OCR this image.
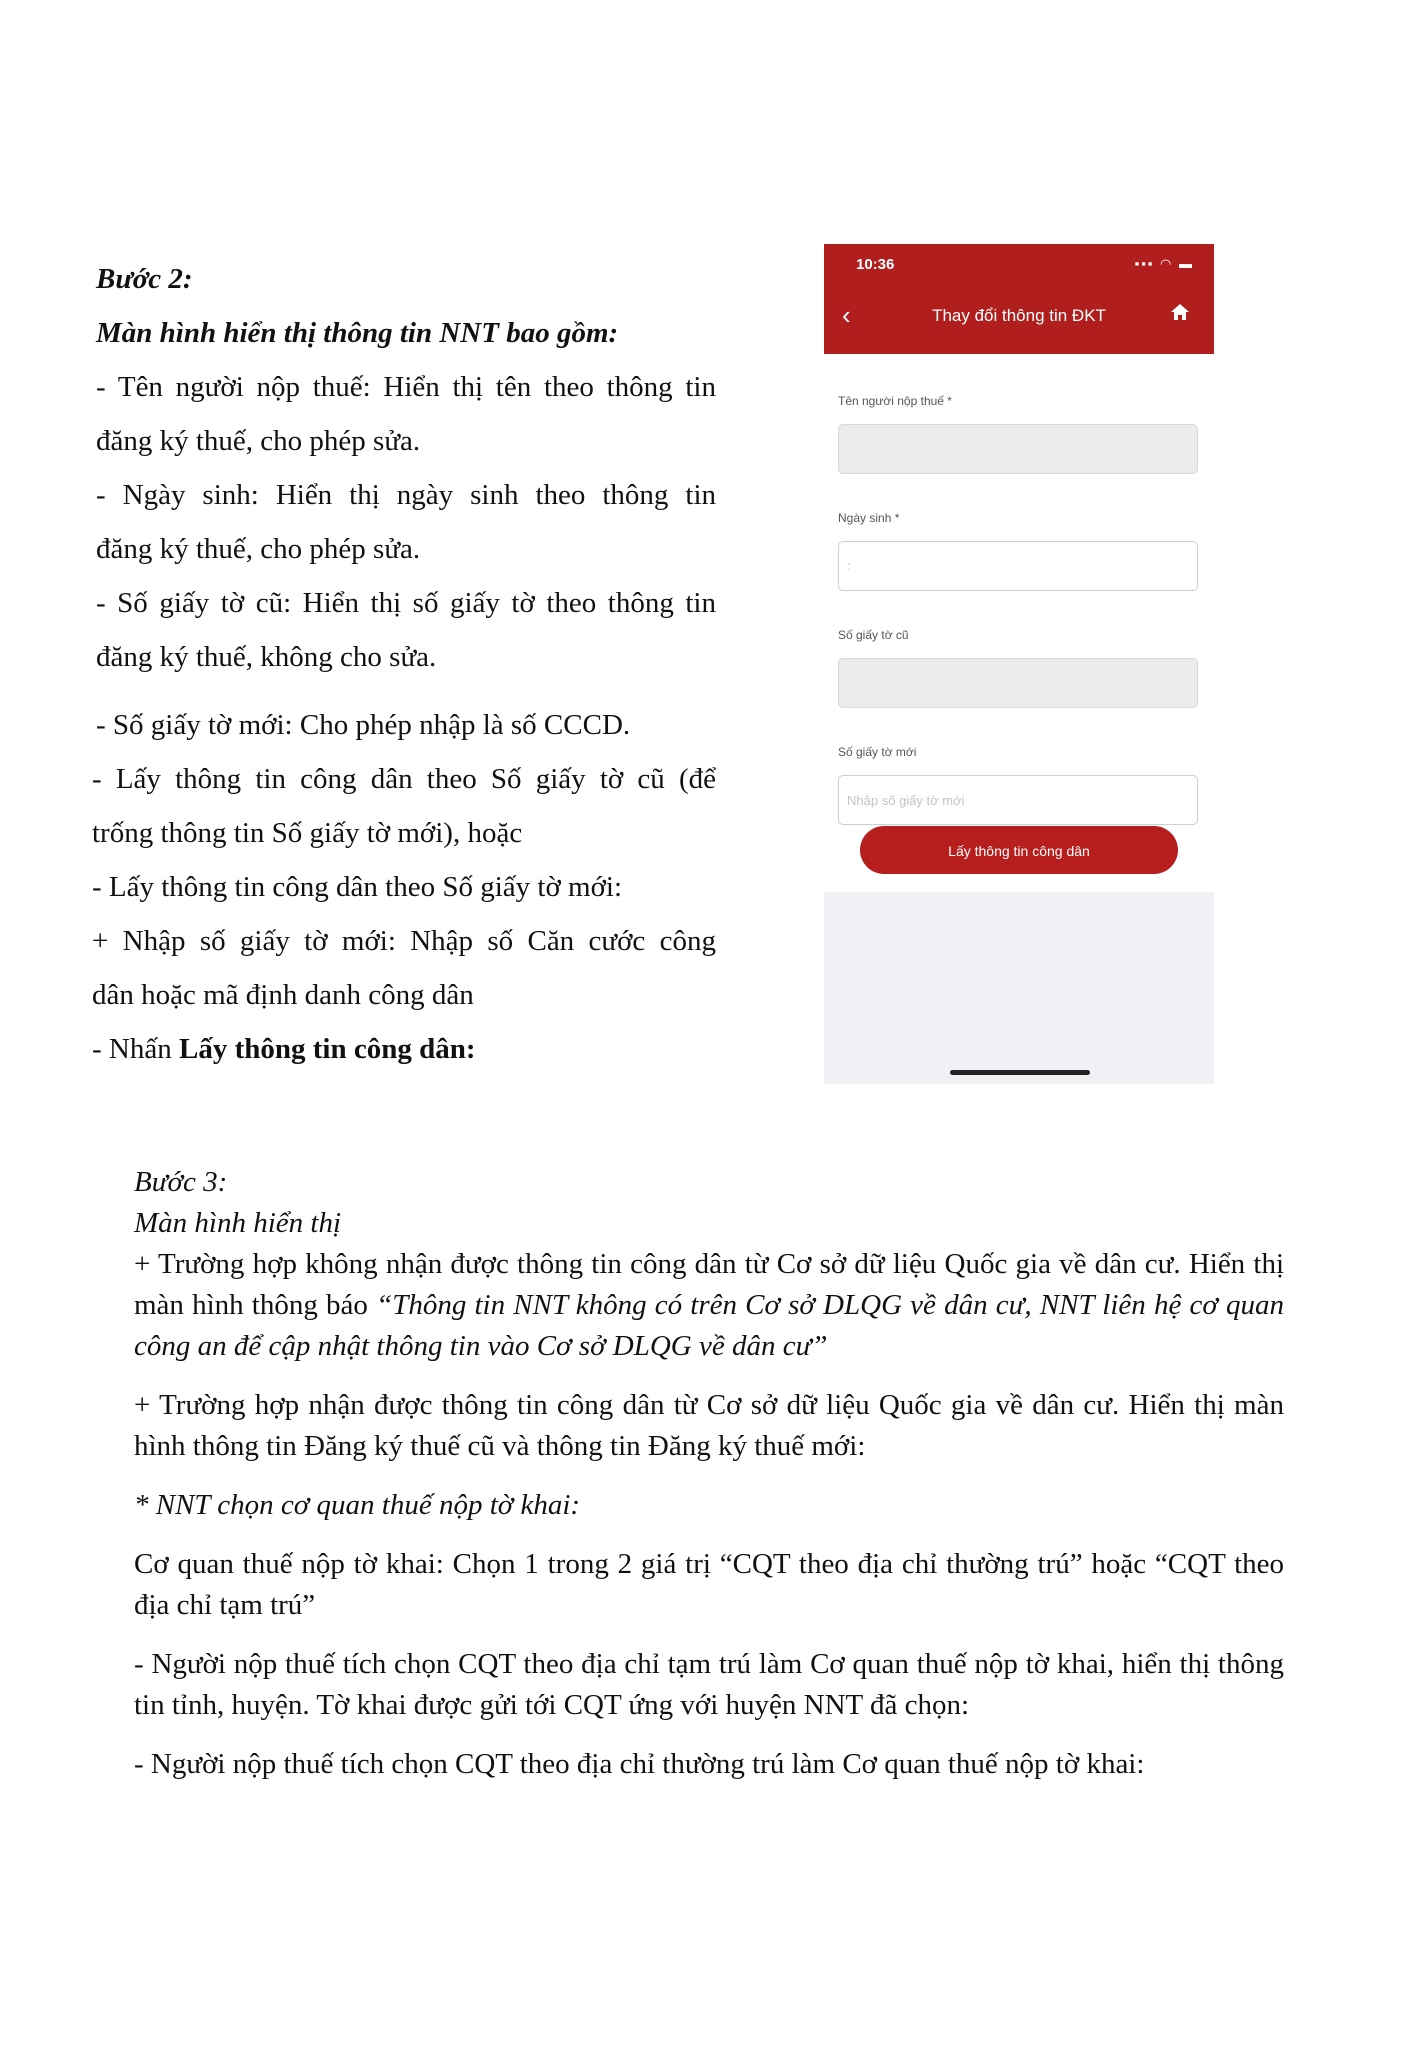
Bước 2:

Màn hình hiển thị thông tin NNT bao gồm:

- Tên người nộp thuế: Hiển thị tên theo thông tin

đăng ký thuế, cho phép sửa.

- Ngày sinh: Hiển thị ngày sinh theo thông tin

đăng ký thuế, cho phép sửa.

- Số giấy tờ cũ: Hiển thị số giấy tờ theo thông tin

đăng ký thuế, không cho sửa.

- Số giấy tờ mới: Cho phép nhập là số CCCD.

- Lấy thông tin công dân theo Số giấy tờ cũ (để

trống thông tin Số giấy tờ mới), hoặc

- Lấy thông tin công dân theo Số giấy tờ mới:

+ Nhập số giấy tờ mới: Nhập số Căn cước công

dân hoặc mã định danh công dân

- Nhấn Lấy thông tin công dân:

10:36	▪▪▪ ◠ ▬
‹	Thay đổi thông tin ĐKT
Tên người nộp thuế *
Ngày sinh *
:
Số giấy tờ cũ
Số giấy tờ mới
Nhập số giấy tờ mới
Lấy thông tin công dân

Bước 3:

Màn hình hiển thị

+ Trường hợp không nhận được thông tin công dân từ Cơ sở dữ liệu Quốc gia về dân cư. Hiển thị màn hình thông báo “Thông tin NNT không có trên Cơ sở DLQG về dân cư, NNT liên hệ cơ quan công an để cập nhật thông tin vào Cơ sở DLQG về dân cư”

+ Trường hợp nhận được thông tin công dân từ Cơ sở dữ liệu Quốc gia về dân cư. Hiển thị màn hình thông tin Đăng ký thuế cũ và thông tin Đăng ký thuế mới:

* NNT chọn cơ quan thuế nộp tờ khai:

Cơ quan thuế nộp tờ khai: Chọn 1 trong 2 giá trị “CQT theo địa chỉ thường trú” hoặc “CQT theo địa chỉ tạm trú”

- Người nộp thuế tích chọn CQT theo địa chỉ tạm trú làm Cơ quan thuế nộp tờ khai, hiển thị thông tin tỉnh, huyện. Tờ khai được gửi tới CQT ứng với huyện NNT đã chọn:

- Người nộp thuế tích chọn CQT theo địa chỉ thường trú làm Cơ quan thuế nộp tờ khai:
